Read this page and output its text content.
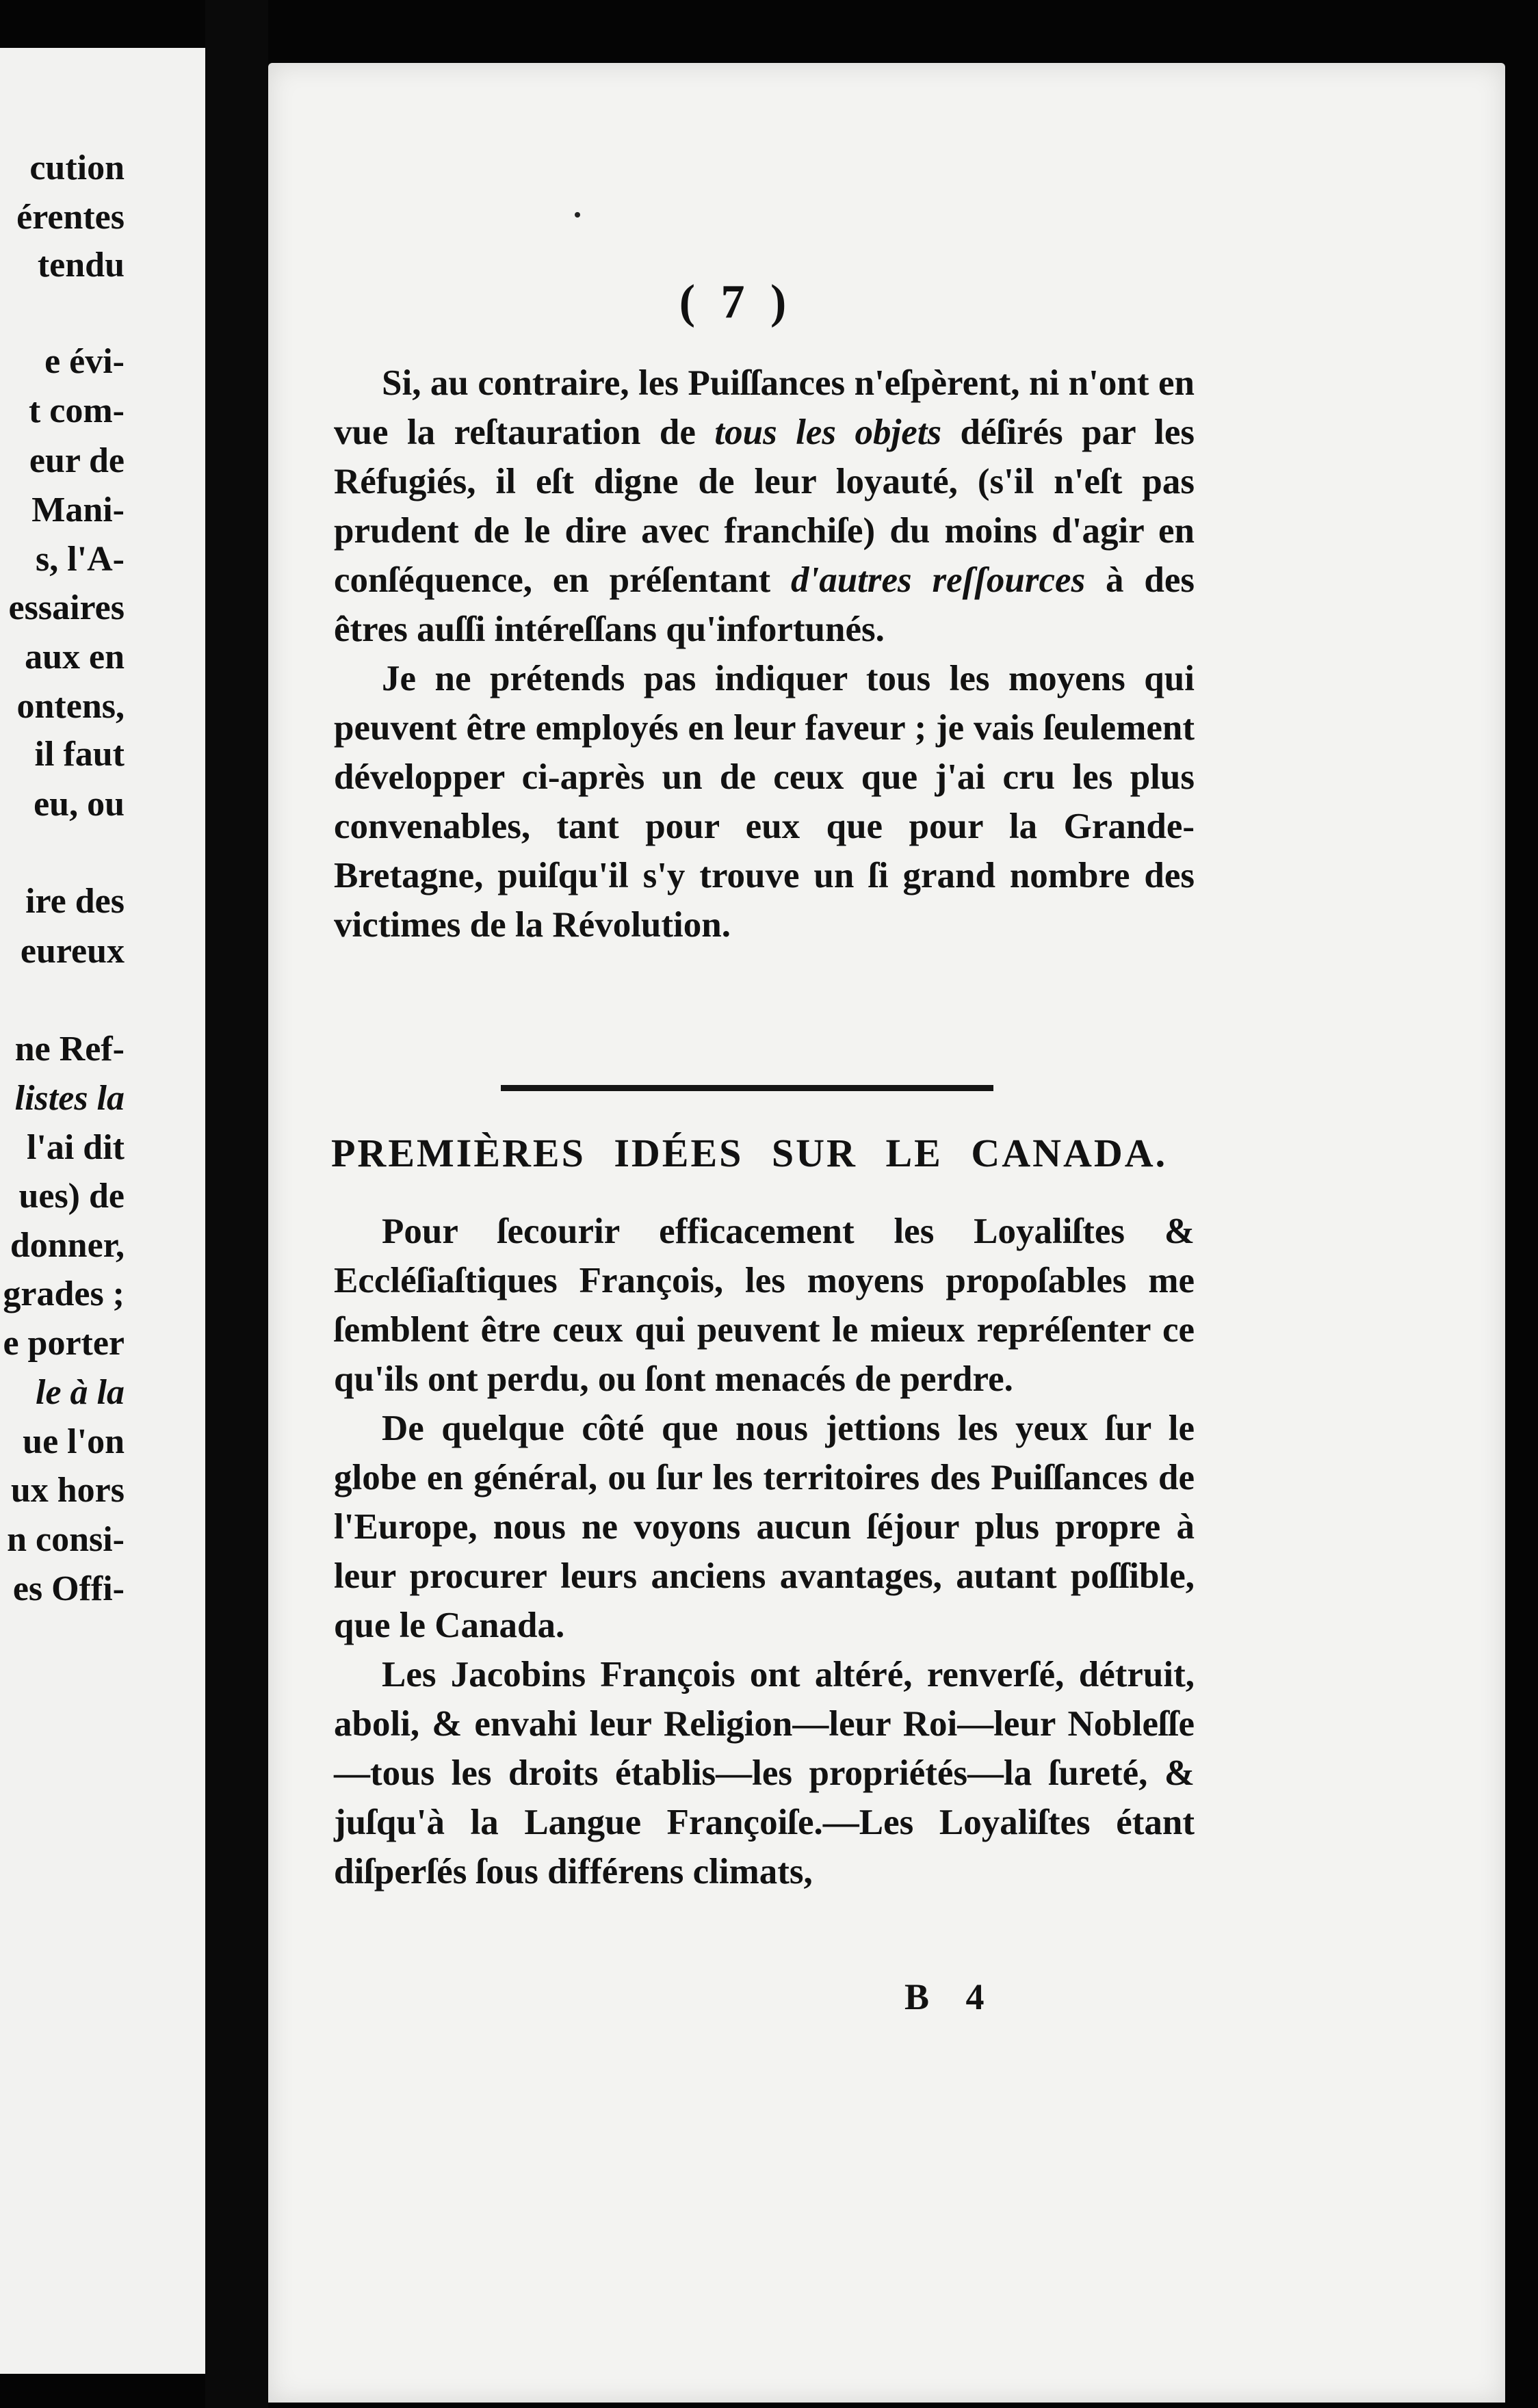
cution
érentes
tendu
e évi-
t com-
eur de
Mani-
s, l'A-
essaires
aux en
ontens,
il faut
eu, ou
ire des
eureux
ne Ref-
listes la
l'ai dit
ues) de
donner,
grades ;
e porter
le à la
ue l'on
ux hors
n consi-
es Offi-
( 7 )

Si, au contraire, les Puiſſances n'eſpèrent, ni n'ont en vue la reſtauration de tous les objets déſirés par les Réfugiés, il eſt digne de leur loyauté, (s'il n'eſt pas prudent de le dire avec franchiſe) du moins d'agir en conſéquence, en préſentant d'autres reſſources à des êtres auſſi intéreſſans qu'infortunés.

Je ne prétends pas indiquer tous les moyens qui peuvent être employés en leur faveur ; je vais ſeulement développer ci-après un de ceux que j'ai cru les plus convenables, tant pour eux que pour la Grande-Bretagne, puiſqu'il s'y trouve un ſi grand nombre des victimes de la Révolution.

PREMIÈRES IDÉES SUR LE CANADA.

Pour ſecourir efficacement les Loyaliſtes & Eccléſiaſtiques François, les moyens propoſables me ſemblent être ceux qui peuvent le mieux repréſenter ce qu'ils ont perdu, ou ſont menacés de perdre.

De quelque côté que nous jettions les yeux ſur le globe en général, ou ſur les territoires des Puiſſances de l'Europe, nous ne voyons aucun ſéjour plus propre à leur procurer leurs anciens avantages, autant poſſible, que le Canada.

Les Jacobins François ont altéré, renverſé, détruit, aboli, & envahi leur Religion—leur Roi—leur Nobleſſe—tous les droits établis—les propriétés—la ſureté, & juſqu'à la Langue Françoiſe.—Les Loyaliſtes étant diſperſés ſous différens climats,

B 4
